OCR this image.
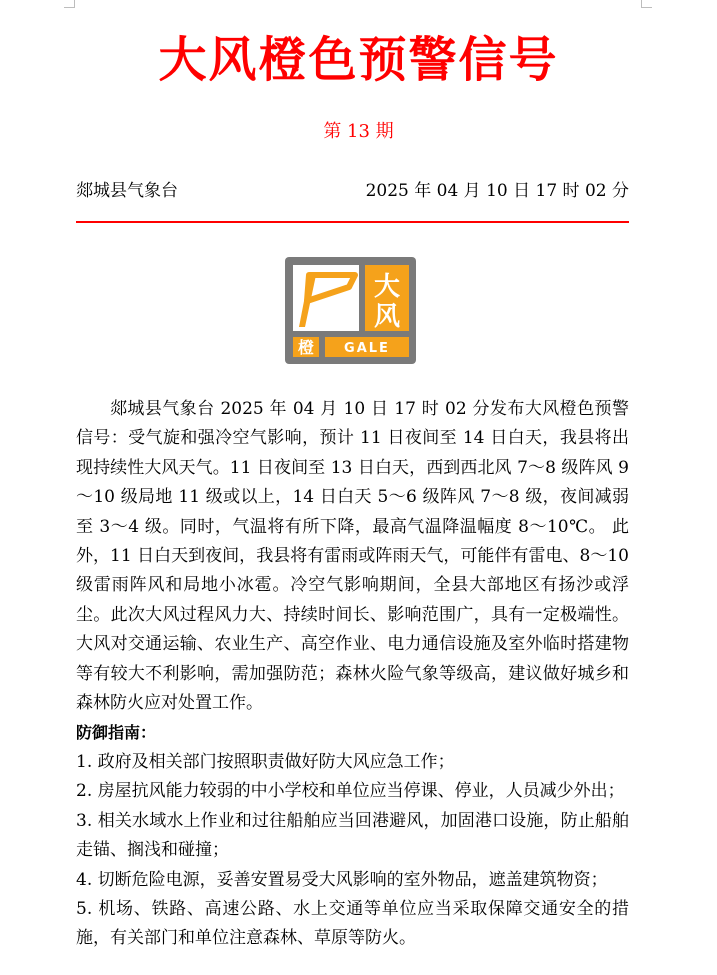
大风橙色预警信号
第 13 期
郯城县气象台	2025 年 04 月 10 日 17 时 02 分
大
风
橙 GALE

郯城县气象台 2025 年 04 月 10 日 17 时 02 分发布大风橙色预警信号：受气旋和强冷空气影响，预计 11 日夜间至 14 日白天，我县将出现持续性大风天气。11 日夜间至 13 日白天，西到西北风 7～8 级阵风 9～10 级局地 11 级或以上，14 日白天 5～6 级阵风 7～8 级，夜间减弱至 3～4 级。同时，气温将有所下降，最高气温降温幅度 8～10℃。 此外，11 日白天到夜间，我县将有雷雨或阵雨天气，可能伴有雷电、8～10 级雷雨阵风和局地小冰雹。冷空气影响期间，全县大部地区有扬沙或浮尘。此次大风过程风力大、持续时间长、影响范围广，具有一定极端性。大风对交通运输、农业生产、高空作业、电力通信设施及室外临时搭建物等有较大不利影响，需加强防范；森林火险气象等级高，建议做好城乡和森林防火应对处置工作。

防御指南：

1. 政府及相关部门按照职责做好防大风应急工作；

2. 房屋抗风能力较弱的中小学校和单位应当停课、停业，人员减少外出；

3. 相关水域水上作业和过往船舶应当回港避风，加固港口设施，防止船舶走锚、搁浅和碰撞；

4. 切断危险电源，妥善安置易受大风影响的室外物品，遮盖建筑物资；

5. 机场、铁路、高速公路、水上交通等单位应当采取保障交通安全的措施，有关部门和单位注意森林、草原等防火。
